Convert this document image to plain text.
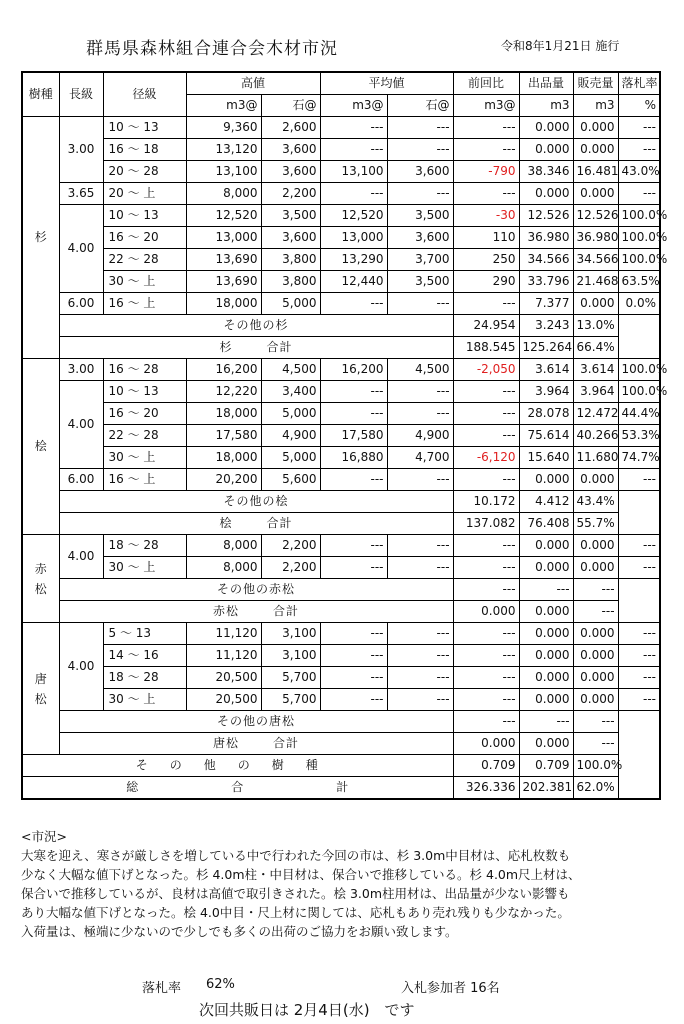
群馬県森林組合連合会木材市況	令和8年1月21日 施行
樹種	長級	径級	高値		平均値		前回比	出品量	販売量	落札率
			m3@	石@	m3@	石@	m3@	m3	m3	%
杉	3.00	10 ～ 13	9,360	2,600	---	---	---	0.000	0.000	---
		16 ～ 18	13,120	3,600	---	---	---	0.000	0.000	---
		20 ～ 28	13,100	3,600	13,100	3,600	-790	38.346	16.481	43.0%
	3.65	20 ～ 上	8,000	2,200	---	---	---	0.000	0.000	---
	4.00	10 ～ 13	12,520	3,500	12,520	3,500	-30	12.526	12.526	100.0%
		16 ～ 20	13,000	3,600	13,000	3,600	110	36.980	36.980	100.0%
		22 ～ 28	13,690	3,800	13,290	3,700	250	34.566	34.566	100.0%
		30 ～ 上	13,690	3,800	12,440	3,500	290	33.796	21.468	63.5%
	6.00	16 ～ 上	18,000	5,000	---	---	---	7.377	0.000	0.0%
	その他の杉						24.954	3.243	13.0%	
	杉 合計						188.545	125.264	66.4%	
桧	3.00	16 ～ 28	16,200	4,500	16,200	4,500	-2,050	3.614	3.614	100.0%
	4.00	10 ～ 13	12,220	3,400	---	---	---	3.964	3.964	100.0%
		16 ～ 20	18,000	5,000	---	---	---	28.078	12.472	44.4%
		22 ～ 28	17,580	4,900	17,580	4,900	---	75.614	40.266	53.3%
		30 ～ 上	18,000	5,000	16,880	4,700	-6,120	15.640	11.680	74.7%
	6.00	16 ～ 上	20,200	5,600	---	---	---	0.000	0.000	---
	その他の桧						10.172	4.412	43.4%	
	桧 合計						137.082	76.408	55.7%	

赤
松	4.00	18 ～ 28	8,000	2,200	---	---	---	0.000	0.000	---
		30 ～ 上	8,000	2,200	---	---	---	0.000	0.000	---
	その他の赤松						---	---	---	
	赤松 合計						0.000	0.000	---	

唐
松	4.00	5 ～ 13	11,120	3,100	---	---	---	0.000	0.000	---
		14 ～ 16	11,120	3,100	---	---	---	0.000	0.000	---
		18 ～ 28	20,500	5,700	---	---	---	0.000	0.000	---
		30 ～ 上	20,500	5,700	---	---	---	0.000	0.000	---
	その他の唐松						---	---	---	
	唐松 合計						0.000	0.000	---	
その他の樹種							0.709	0.709	100.0%	
総 合 計							326.336	202.381	62.0%	

<市況>

大寒を迎え、寒さが厳しさを増している中で行われた今回の市は、杉 3.0m中目材は、応札枚数も

少なく大幅な値下げとなった。杉 4.0m柱・中目材は、保合いで推移している。杉 4.0m尺上材は、

保合いで推移しているが、良材は高値で取引きされた。桧 3.0m柱用材は、出品量が少ない影響も

あり大幅な値下げとなった。桧 4.0中目・尺上材に関しては、応札もあり売れ残りも少なかった。

入荷量は、極端に少ないので少しでも多くの出荷のご協力をお願い致します。

落札率 62%	入札参加者 16名
次回共販日は 2月4日(水)　です
